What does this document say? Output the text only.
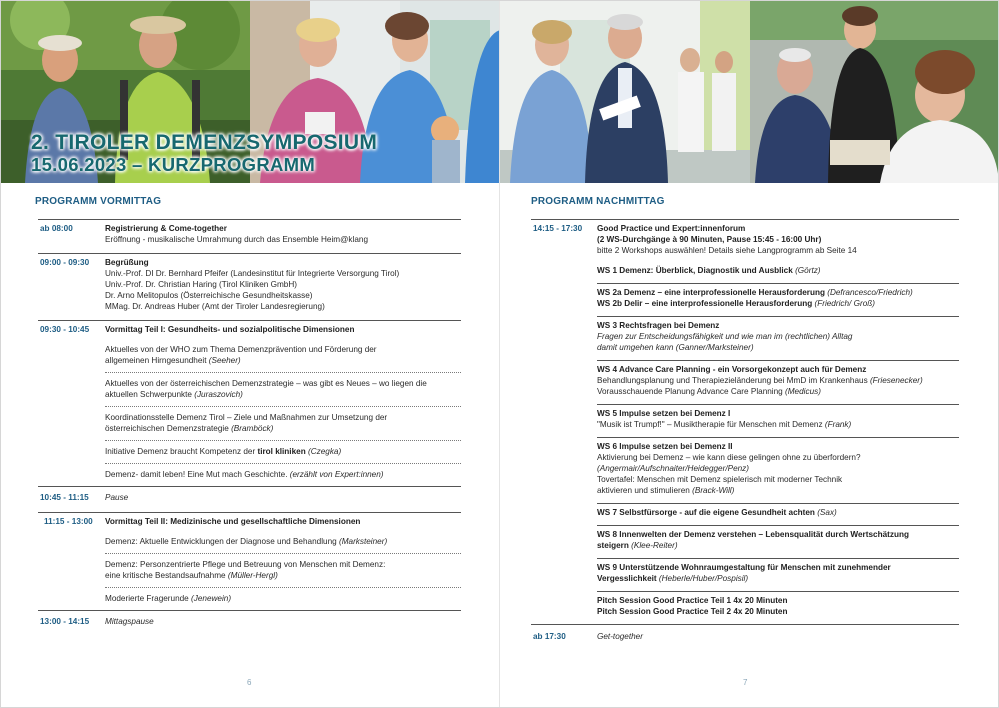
2. TIROLER DEMENZSYMPOSIUM
15.06.2023 – KURZPROGRAMM
PROGRAMM VORMITTAG
ab 08:00	Registrierung & Come-together
Eröffnung - musikalische Umrahmung durch das Ensemble Heim@klang
09:00 - 09:30	Begrüßung
Univ.-Prof. DI Dr. Bernhard Pfeifer (Landesinstitut für Integrierte Versorgung Tirol)
Univ.-Prof. Dr. Christian Haring (Tirol Kliniken GmbH)
Dr. Arno Melitopulos (Österreichische Gesundheitskasse)
MMag. Dr. Andreas Huber (Amt der Tiroler Landesregierung)
09:30 - 10:45	Vormittag Teil I: Gesundheits- und sozialpolitische Dimensionen
Aktuelles von der WHO zum Thema Demenzprävention und Förderung der
allgemeinen Hirngesundheit (Seeher)
Aktuelles von der österreichischen Demenzstrategie – was gibt es Neues – wo liegen die
aktuellen Schwerpunkte (Juraszovich)
Koordinationsstelle Demenz Tirol – Ziele und Maßnahmen zur Umsetzung der
österreichischen Demenzstrategie (Bramböck)
Initiative Demenz braucht Kompetenz der tirol kliniken (Czegka)
Demenz- damit leben! Eine Mut mach Geschichte. (erzählt von Expert:innen)
10:45 - 11:15	Pause
11:15 - 13:00	Vormittag Teil II: Medizinische und gesellschaftliche Dimensionen
Demenz: Aktuelle Entwicklungen der Diagnose und Behandlung (Marksteiner)
Demenz: Personzentrierte Pflege und Betreuung von Menschen mit Demenz:
eine kritische Bestandsaufnahme (Müller-Hergl)
Moderierte Fragerunde (Jenewein)
13:00 - 14:15	Mittagspause
6
PROGRAMM NACHMITTAG
14:15 - 17:30	Good Practice und Expert:innenforum
(2 WS-Durchgänge à 90 Minuten, Pause 15:45 - 16:00 Uhr)
bitte 2 Workshops auswählen! Details siehe Langprogramm ab Seite 14
WS 1 Demenz: Überblick, Diagnostik und Ausblick (Görtz)
WS 2a Demenz – eine interprofessionelle Herausforderung (Defrancesco/Friedrich)
WS 2b Delir – eine interprofessionelle Herausforderung (Friedrich/ Groß)
WS 3 Rechtsfragen bei Demenz
Fragen zur Entscheidungsfähigkeit und wie man im (rechtlichen) Alltag
damit umgehen kann (Ganner/Marksteiner)
WS 4 Advance Care Planning - ein Vorsorgekonzept auch für Demenz
Behandlungsplanung und Therapiezieländerung bei MmD im Krankenhaus (Friesenecker)
Vorausschauende Planung Advance Care Planning (Medicus)
WS 5 Impulse setzen bei Demenz I
"Musik ist Trumpf!" – Musiktherapie für Menschen mit Demenz (Frank)
WS 6 Impulse setzen bei Demenz II
Aktivierung bei Demenz – wie kann diese gelingen ohne zu überfordern?
(Angermair/Aufschnaiter/Heidegger/Penz)
Tovertafel: Menschen mit Demenz spielerisch mit moderner Technik
aktivieren und stimulieren (Brack-Will)
WS 7 Selbstfürsorge - auf die eigene Gesundheit achten (Sax)
WS 8 Innenwelten der Demenz verstehen – Lebensqualität durch Wertschätzung
steigern (Klee-Reiter)
WS 9 Unterstützende Wohnraumgestaltung für Menschen mit zunehmender
Vergesslichkeit (Heberle/Huber/Pospisil)
Pitch Session Good Practice Teil 1 4x 20 Minuten
Pitch Session Good Practice Teil 2 4x 20 Minuten
ab 17:30	Get-together
7
